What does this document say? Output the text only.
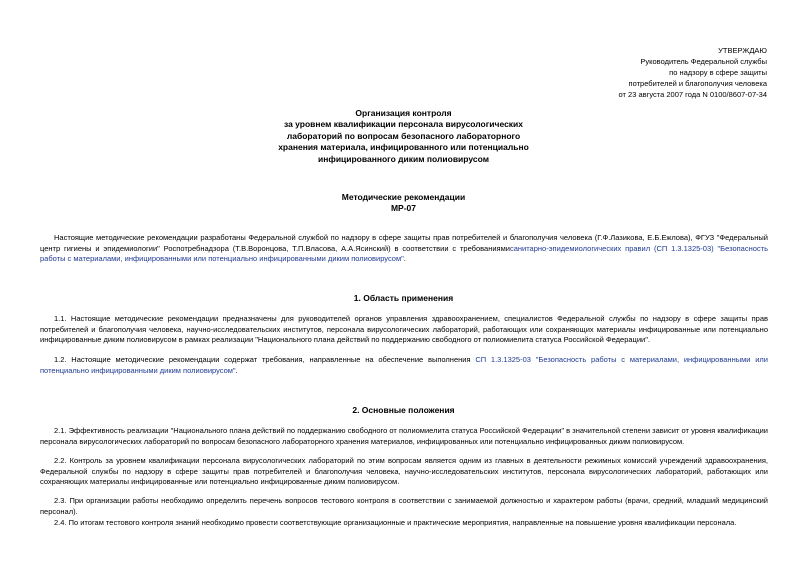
УТВЕРЖДАЮ
Руководитель Федеральной службы
по надзору в сфере защиты
потребителей и благополучия человека
от 23 августа 2007 года N 0100/8607-07-34
Организация контроля
за уровнем квалификации персонала вирусологических
лабораторий по вопросам безопасного лабораторного
хранения материала, инфицированного или потенциально
инфицированного диким полиовирусом
Методические рекомендации
МР-07

Настоящие методические рекомендации разработаны Федеральной службой по надзору в сфере защиты прав потребителей и благополучия человека (Г.Ф.Лазикова, Е.Б.Ежлова), ФГУЗ "Федеральный центр гигиены и эпидемиологии" Роспотребнадзора (Т.В.Воронцова, Т.П.Власова, А.А.Ясинский) в соответствии с требованиямисанитарно-эпидемиологических правил (СП 1.3.1325-03) "Безопасность работы с материалами, инфицированными или потенциально инфицированными диким полиовирусом".

1. Область применения

1.1. Настоящие методические рекомендации предназначены для руководителей органов управления здравоохранением, специалистов Федеральной службы по надзору в сфере защиты прав потребителей и благополучия человека, научно-исследовательских институтов, персонала вирусологических лабораторий, работающих или сохраняющих материалы инфицированные или потенциально инфицированные диким полиовирусом в рамках реализации "Национального плана действий по поддержанию свободного от полиомиелита статуса Российской Федерации".

1.2. Настоящие методические рекомендации содержат требования, направленные на обеспечение выполнения СП 1.3.1325-03 "Безопасность работы с материалами, инфицированными или потенциально инфицированными диким полиовирусом".

2. Основные положения

2.1. Эффективность реализации "Национального плана действий по поддержанию свободного от полиомиелита статуса Российской Федерации" в значительной степени зависит от уровня квалификации персонала вирусологических лабораторий по вопросам безопасного лабораторного хранения материалов, инфицированных или потенциально инфицированных диким полиовирусом.

2.2. Контроль за уровнем квалификации персонала вирусологических лабораторий по этим вопросам является одним из главных в деятельности режимных комиссий учреждений здравоохранения, Федеральной службы по надзору в сфере защиты прав потребителей и благополучия человека, научно-исследовательских институтов, персонала вирусологических лабораторий, работающих или сохраняющих материалы инфицированные или потенциально инфицированные диким полиовирусом.

2.3. При организации работы необходимо определить перечень вопросов тестового контроля в соответствии с занимаемой должностью и характером работы (врачи, средний, младший медицинский персонал).

2.4. По итогам тестового контроля знаний необходимо провести соответствующие организационные и практические мероприятия, направленные на повышение уровня квалификации персонала.
